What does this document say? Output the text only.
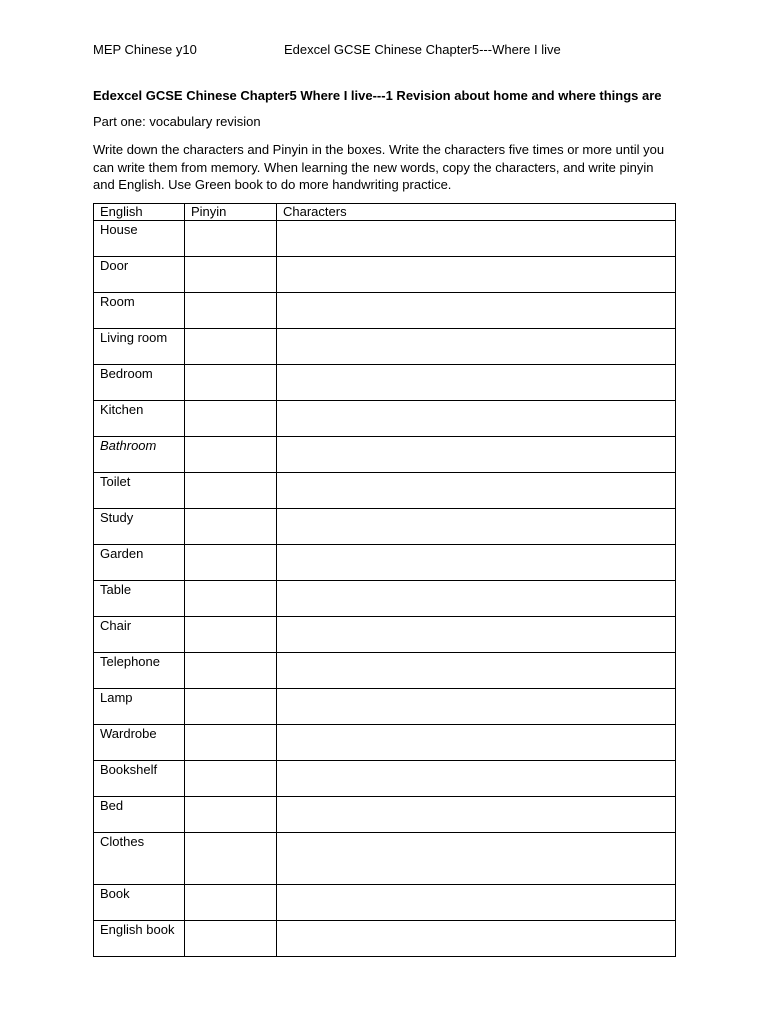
MEP Chinese y10	Edexcel GCSE Chinese Chapter5---Where I live
Edexcel GCSE Chinese Chapter5 Where I live---1 Revision about home and where things are
Part one: vocabulary revision
Write down the characters and Pinyin in the boxes. Write the characters five times or more until you can write them from memory. When learning the new words, copy the characters, and write pinyin and English. Use Green book to do more handwriting practice.
English	Pinyin	Characters
House		
Door		
Room		
Living room		
Bedroom		
Kitchen		
Bathroom		
Toilet		
Study		
Garden		
Table		
Chair		
Telephone		
Lamp		
Wardrobe		
Bookshelf		
Bed		
Clothes		
Book		
English book		
